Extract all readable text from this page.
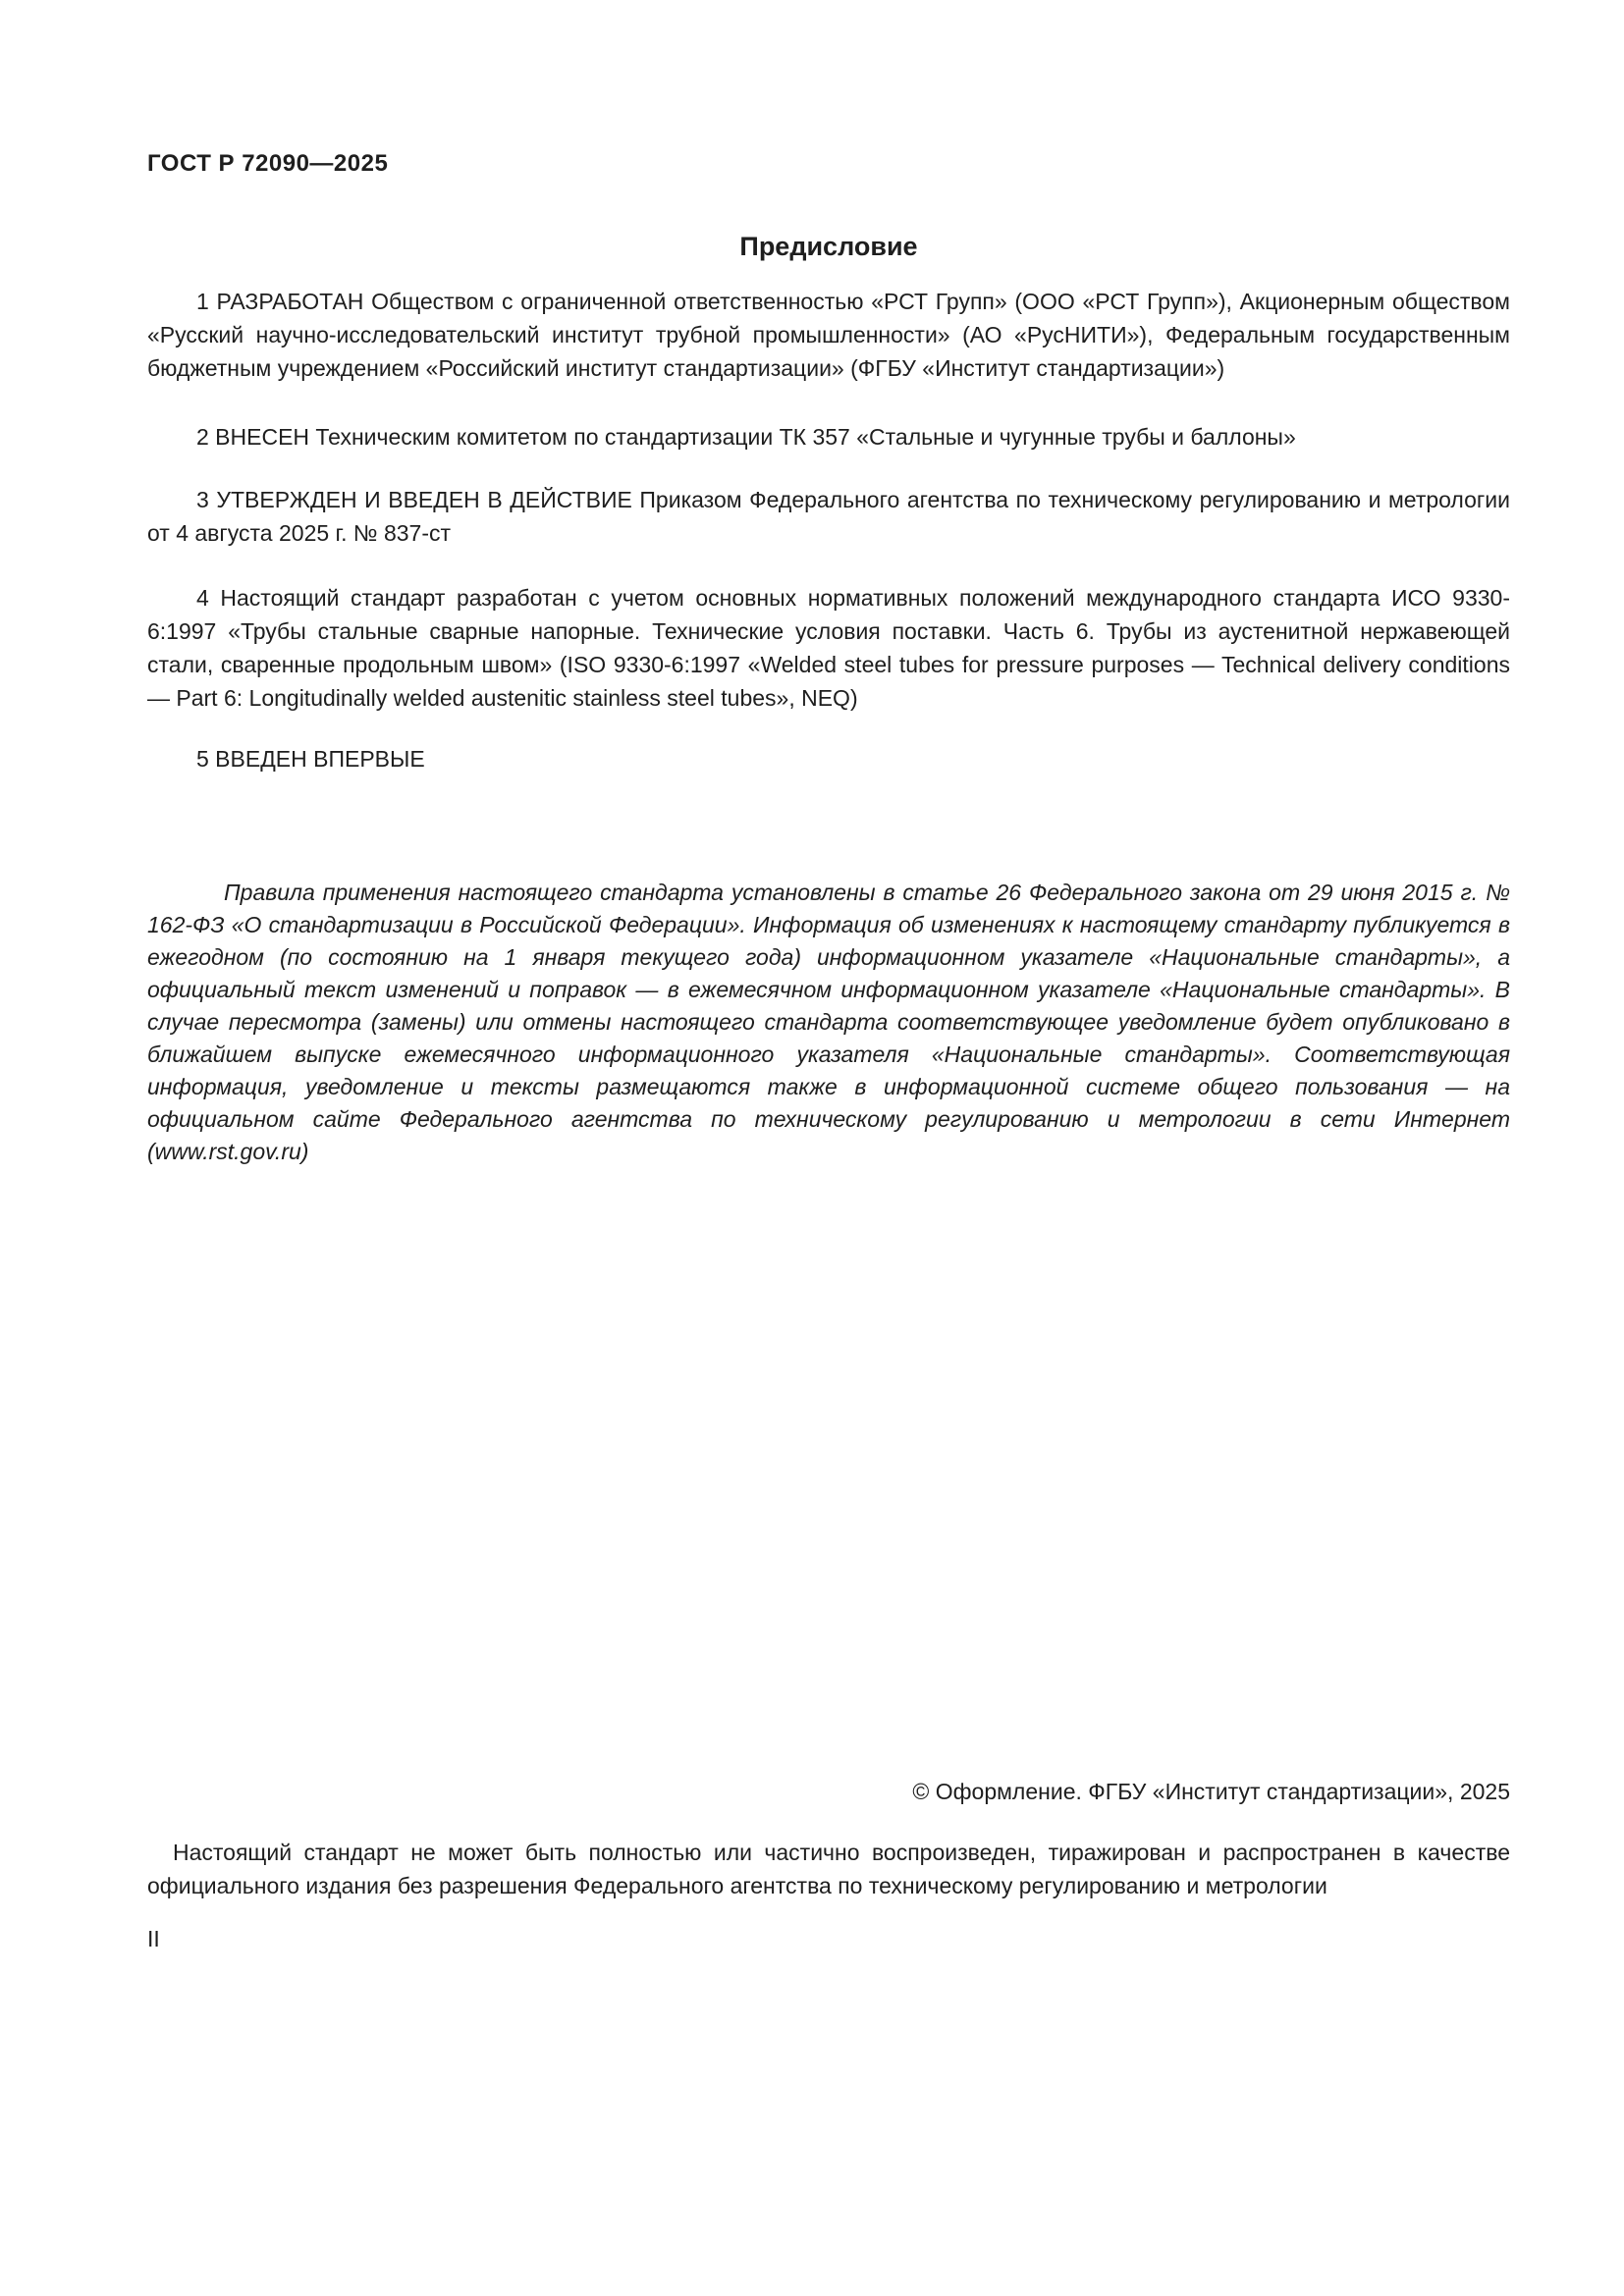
ГОСТ Р 72090—2025
Предисловие

1 РАЗРАБОТАН Обществом с ограниченной ответственностью «РСТ Групп» (ООО «РСТ Групп»), Акционерным обществом «Русский научно-исследовательский институт трубной промышленности» (АО «РусНИТИ»), Федеральным государственным бюджетным учреждением «Российский институт стандартизации» (ФГБУ «Институт стандартизации»)

2 ВНЕСЕН Техническим комитетом по стандартизации ТК 357 «Стальные и чугунные трубы и баллоны»

3 УТВЕРЖДЕН И ВВЕДЕН В ДЕЙСТВИЕ Приказом Федерального агентства по техническому регулированию и метрологии от 4 августа 2025 г. № 837-ст

4 Настоящий стандарт разработан с учетом основных нормативных положений международного стандарта ИСО 9330-6:1997 «Трубы стальные сварные напорные. Технические условия поставки. Часть 6. Трубы из аустенитной нержавеющей стали, сваренные продольным швом» (ISO 9330-6:1997 «Welded steel tubes for pressure purposes — Technical delivery conditions — Part 6: Longitudinally welded austenitic stainless steel tubes», NEQ)

5 ВВЕДЕН ВПЕРВЫЕ

Правила применения настоящего стандарта установлены в статье 26 Федерального закона от 29 июня 2015 г. № 162-ФЗ «О стандартизации в Российской Федерации». Информация об изменениях к настоящему стандарту публикуется в ежегодном (по состоянию на 1 января текущего года) информационном указателе «Национальные стандарты», а официальный текст изменений и поправок — в ежемесячном информационном указателе «Национальные стандарты». В случае пересмотра (замены) или отмены настоящего стандарта соответствующее уведомление будет опубликовано в ближайшем выпуске ежемесячного информационного указателя «Национальные стандарты». Соответствующая информация, уведомление и тексты размещаются также в информационной системе общего пользования — на официальном сайте Федерального агентства по техническому регулированию и метрологии в сети Интернет (www.rst.gov.ru)

© Оформление. ФГБУ «Институт стандартизации», 2025

Настоящий стандарт не может быть полностью или частично воспроизведен, тиражирован и распространен в качестве официального издания без разрешения Федерального агентства по техническому регулированию и метрологии

II
